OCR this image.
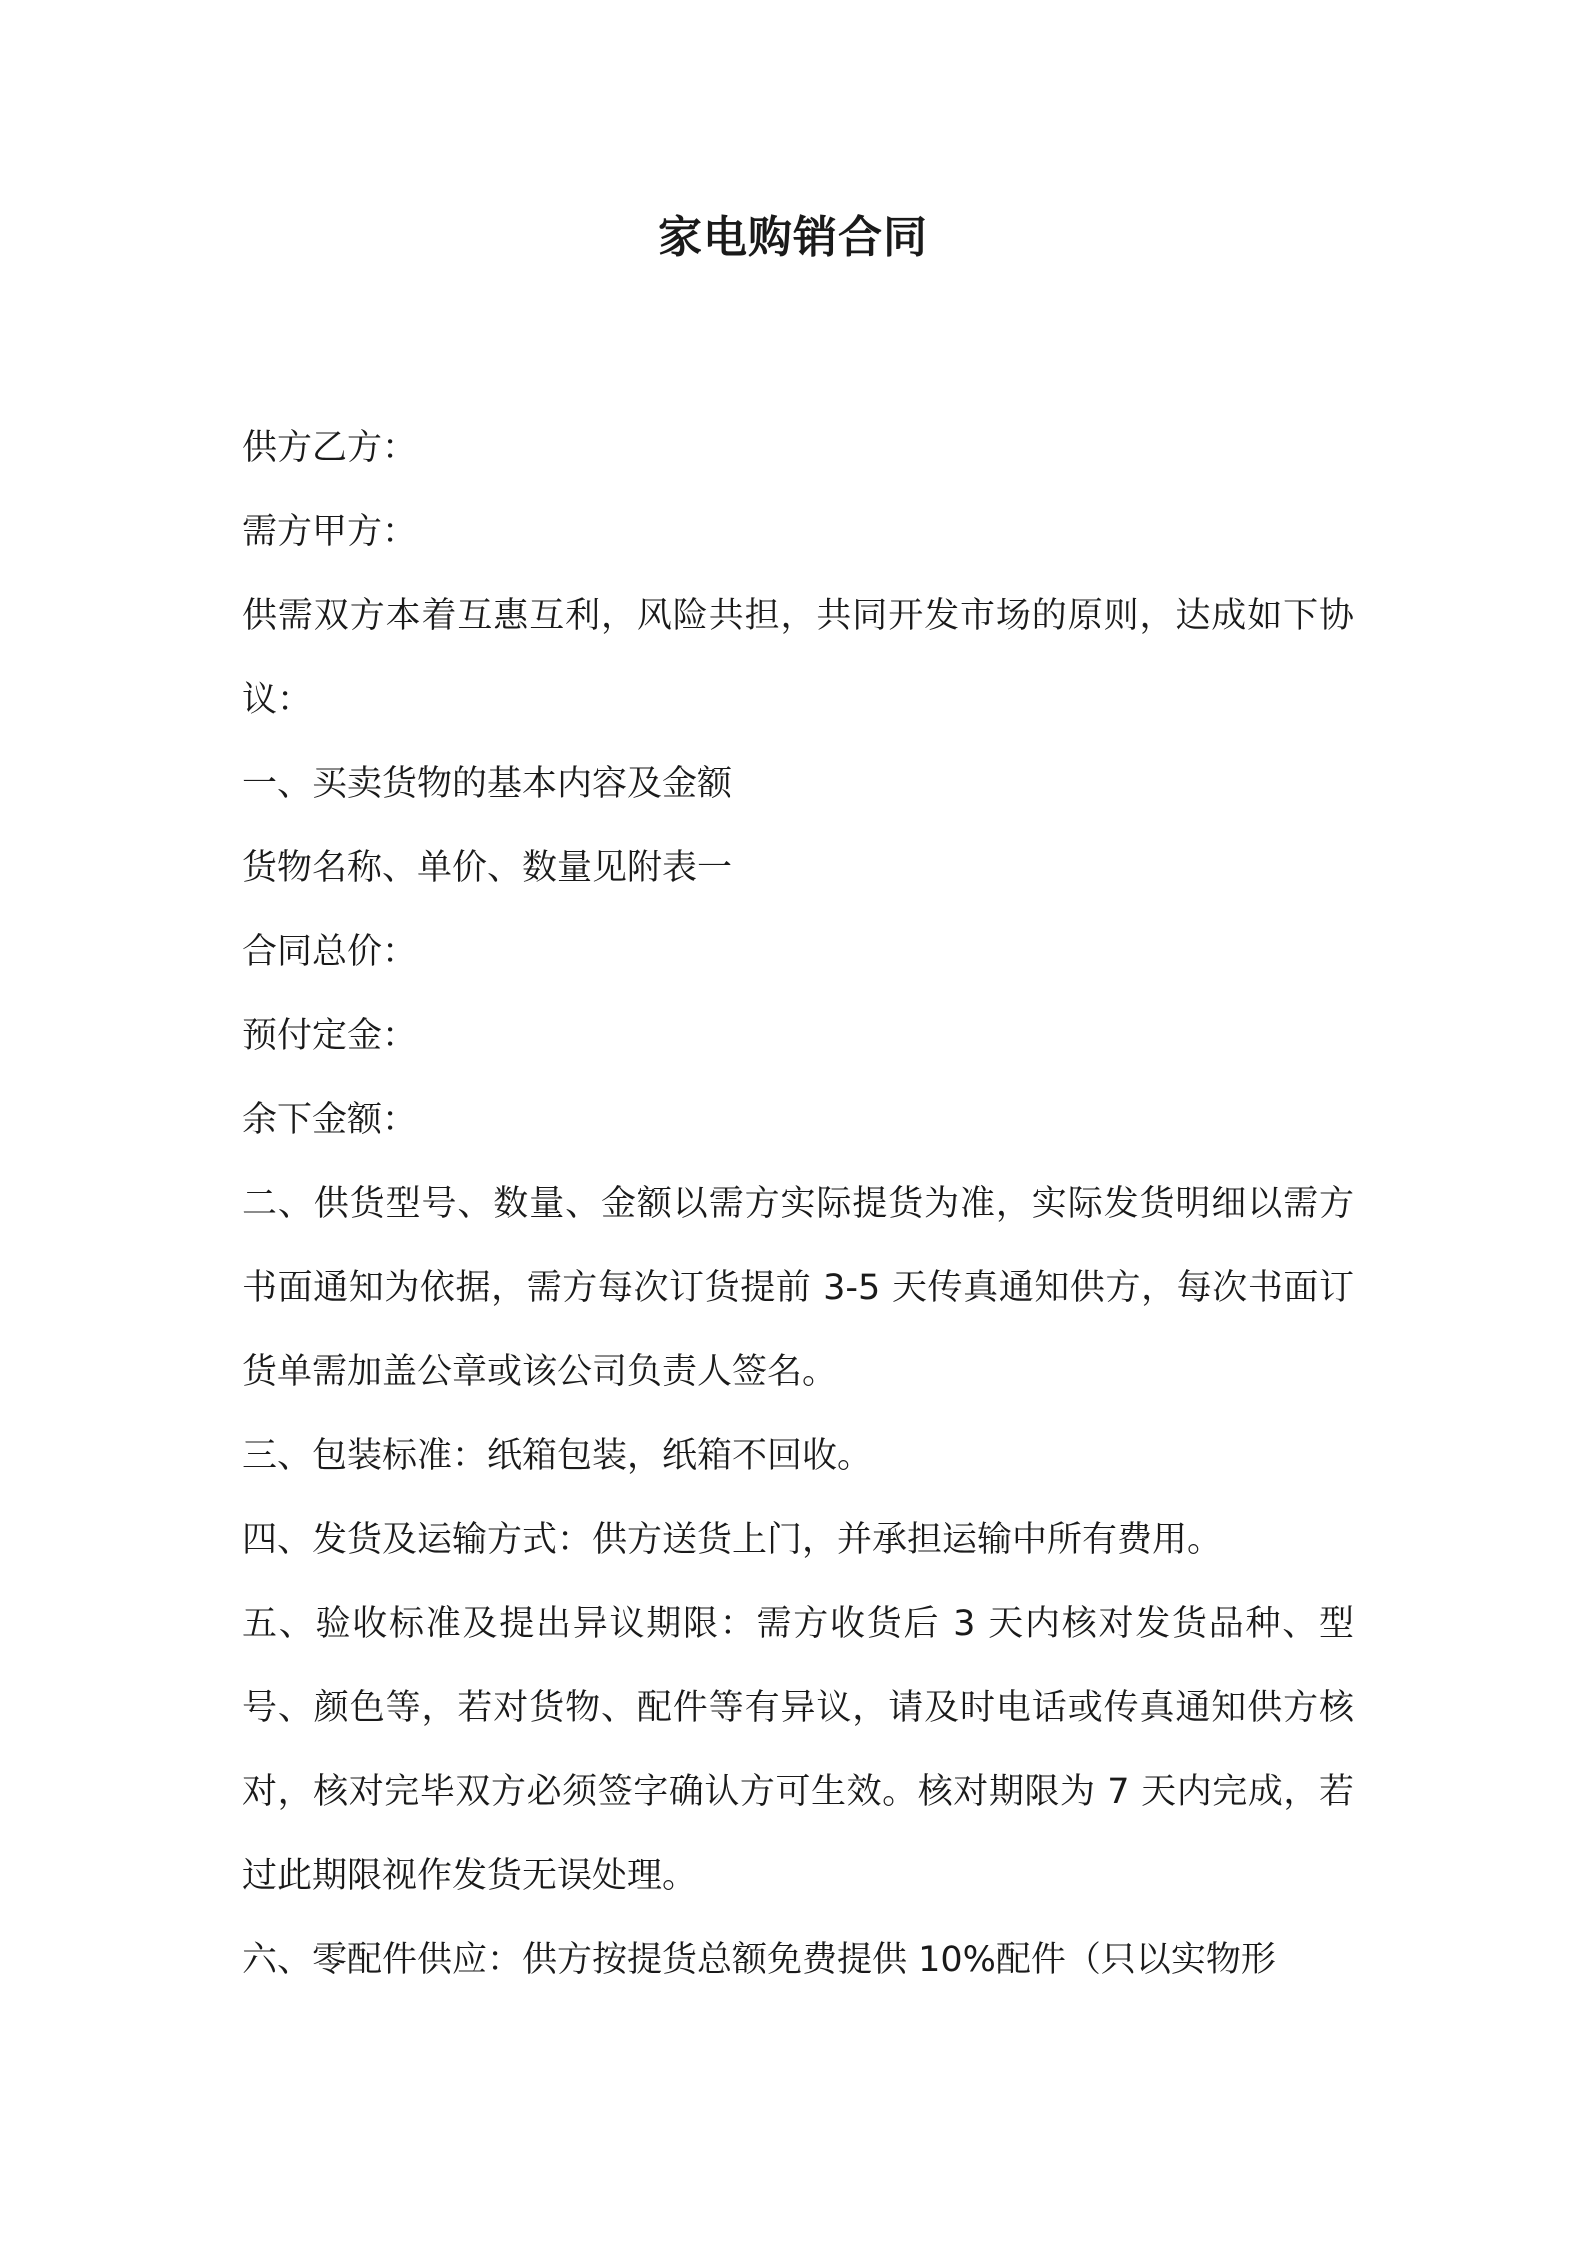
家电购销合同

供方乙方：

需方甲方：

供需双方本着互惠互利，风险共担，共同开发市场的原则，达成如下协议：

一、买卖货物的基本内容及金额

货物名称、单价、数量见附表一

合同总价：

预付定金：

余下金额：

二、供货型号、数量、金额以需方实际提货为准，实际发货明细以需方书面通知为依据，需方每次订货提前 3-5 天传真通知供方，每次书面订货单需加盖公章或该公司负责人签名。

三、包装标准：纸箱包装，纸箱不回收。

四、发货及运输方式：供方送货上门，并承担运输中所有费用。

五、验收标准及提出异议期限：需方收货后 3 天内核对发货品种、型号、颜色等，若对货物、配件等有异议，请及时电话或传真通知供方核对，核对完毕双方必须签字确认方可生效。核对期限为 7 天内完成，若过此期限视作发货无误处理。

六、零配件供应：供方按提货总额免费提供 10%配件（只以实物形
